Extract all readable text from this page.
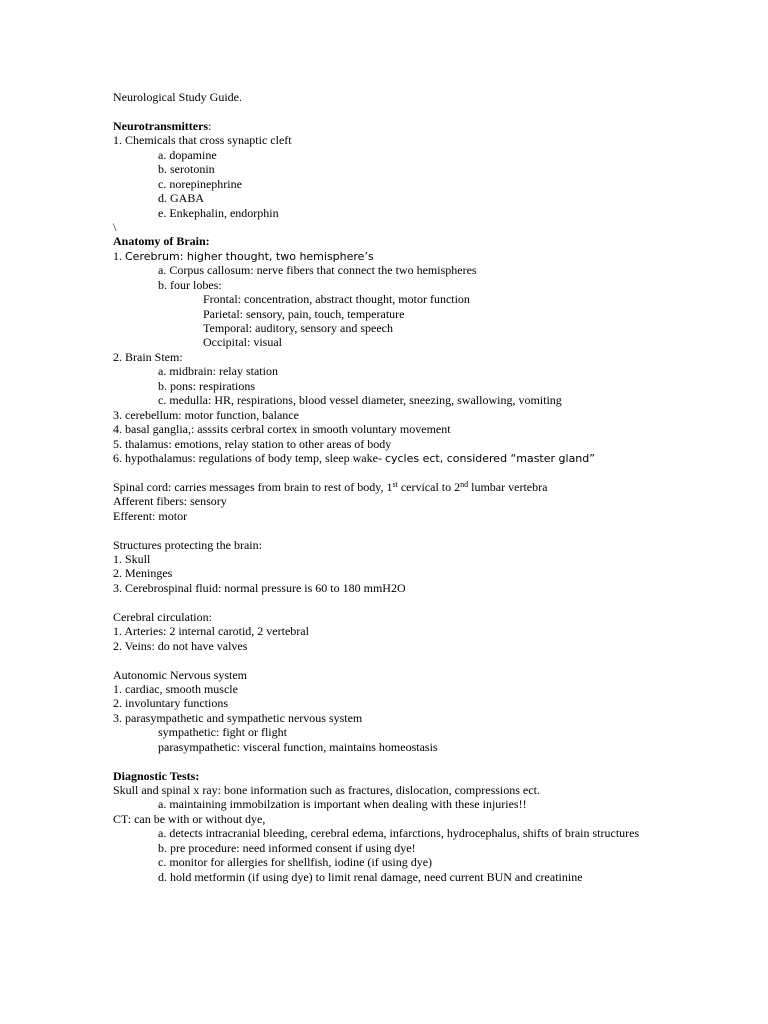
Neurological Study Guide.
Neurotransmitters:
1. Chemicals that cross synaptic cleft
a. dopamine
b. serotonin
c. norepinephrine
d. GABA
e. Enkephalin, endorphin
\
Anatomy of Brain:
1. Cerebrum: higher thought, two hemisphere’s
a. Corpus callosum: nerve fibers that connect the two hemispheres
b. four lobes:
Frontal: concentration, abstract thought, motor function
Parietal: sensory, pain, touch, temperature
Temporal: auditory, sensory and speech
Occipital: visual
2. Brain Stem:
a. midbrain: relay station
b. pons: respirations
c. medulla: HR, respirations, blood vessel diameter, sneezing, swallowing, vomiting
3. cerebellum: motor function, balance
4. basal ganglia,: asssits cerbral cortex in smooth voluntary movement
5. thalamus: emotions, relay station to other areas of body
6. hypothalamus: regulations of body temp, sleep wake- cycles ect, considered “master gland”
Spinal cord: carries messages from brain to rest of body, 1st cervical to 2nd lumbar vertebra
Afferent fibers: sensory
Efferent: motor
Structures protecting the brain:
1. Skull
2. Meninges
3. Cerebrospinal fluid: normal pressure is 60 to 180 mmH2O
Cerebral circulation:
1. Arteries: 2 internal carotid, 2 vertebral
2. Veins: do not have valves
Autonomic Nervous system
1. cardiac, smooth muscle
2. involuntary functions
3. parasympathetic and sympathetic nervous system
sympathetic: fight or flight
parasympathetic: visceral function, maintains homeostasis
Diagnostic Tests:
Skull and spinal x ray: bone information such as fractures, dislocation, compressions ect.
a. maintaining immobilzation is important when dealing with these injuries!!
CT: can be with or without dye,
a. detects intracranial bleeding, cerebral edema, infarctions, hydrocephalus, shifts of brain structures
b. pre procedure: need informed consent if using dye!
c. monitor for allergies for shellfish, iodine (if using dye)
d. hold metformin (if using dye) to limit renal damage, need current BUN and creatinine
